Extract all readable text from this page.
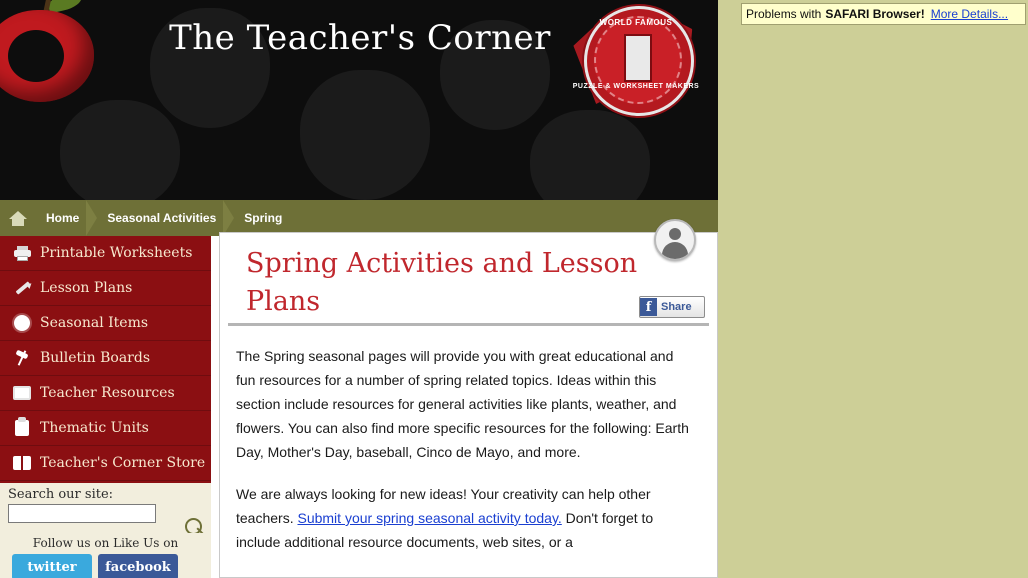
The Teacher's Corner	WORLD FAMOUS
PUZZLE & WORKSHEET MAKERS
Home	Seasonal Activities	Spring
Printable Worksheets
Lesson Plans
Seasonal Items
Bulletin Boards
Teacher Resources
Thematic Units
Teacher's Corner Store
Search our site:
Follow us on Like Us on
twitter	facebook
Spring Activities and Lesson Plans	f Share

The Spring seasonal pages will provide you with great educational and fun resources for a number of spring related topics. Ideas within this section include resources for general activities like plants, weather, and flowers. You can also find more specific resources for the following: Earth Day, Mother's Day, baseball, Cinco de Mayo, and more.

We are always looking for new ideas! Your creativity can help other teachers. Submit your spring seasonal activity today. Don't forget to include additional resource documents, web sites, or a

Problems with SAFARI Browser! More Details...
